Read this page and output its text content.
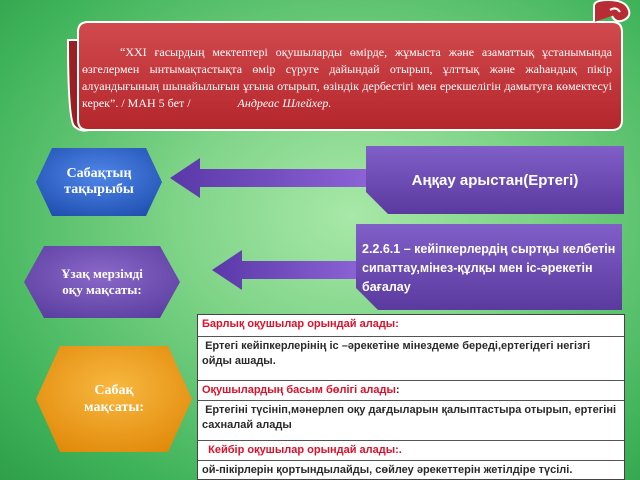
“XXI ғасырдың мектептері оқушыларды өмірде, жұмыста және азаматтық ұстанымында өзгелермен ынтымақтастықта өмір сүруге дайындай отырып, ұлттық және жаһандық пікір алуандығының шынайылығын ұғына отырып, өзіндік дербестігі мен ерекшелігін дамытуға көмектесуі керек”. / МАН 5 бет /	Андреас Шлейхер.
Сабақтың тақырыбы
Аңқау арыстан(Ертегі)
Ұзақ мерзімді оқу мақсаты:
2.2.6.1 – кейіпкерлердің сыртқы келбетін сипаттау,мінез-құлқы мен іс-әрекетін бағалау
Сабақ мақсаты:
Барлық оқушылар орындай алады:
Ертегі кейіпкерлерінің іс –әрекетіне мінездеме береді,ертегідегі негізгі ойды ашады.
Оқушылардың басым бөлігі алады:
Ертегіні түсініп,мәнерлеп оқу дағдыларын қалыптастыра отырып, ертегіні сахналай алады
Кейбір оқушылар орындай алады:.
ой-пікірлерін қортындылайды, сөйлеу әрекеттерін жетілдіре түсілі.
